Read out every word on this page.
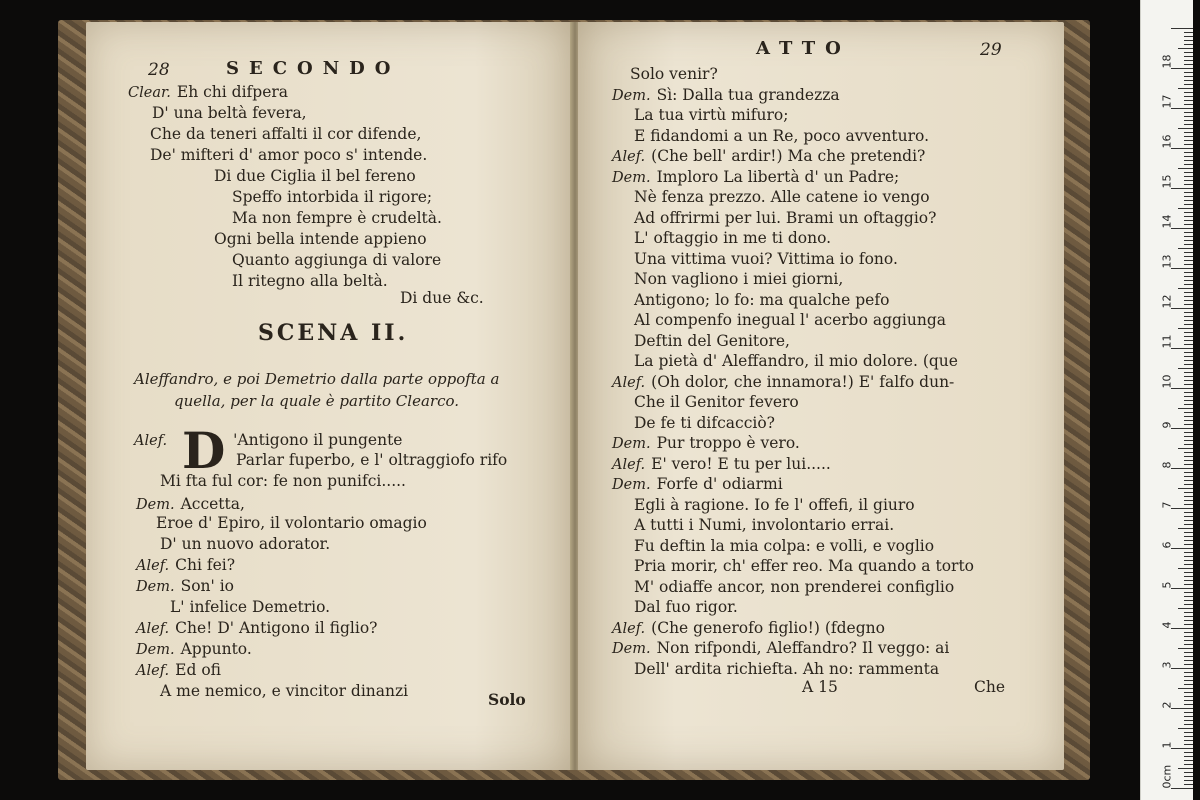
28	SECONDO
Clear. Eh chi difpera
D' una beltà fevera,
Che da teneri affalti il cor difende,
De' mifteri d' amor poco s' intende.
Di due Ciglia il bel fereno
Speffo intorbida il rigore;
Ma non fempre è crudeltà.
Ogni bella intende appieno
Quanto aggiunga di valore
Il ritegno alla beltà.
Di due &c.
SCENA II.
Aleffandro, e poi Demetrio dalla parte oppofta a
quella, per la quale è partito Clearco.
D
Alef.	'Antigono il pungente
Parlar fuperbo, e l' oltraggiofo rifo
Mi fta ful cor: fe non punifci.....
Dem. Accetta,
Eroe d' Epiro, il volontario omagio
D' un nuovo adorator.
Alef. Chi fei?
Dem. Son' io
L' infelice Demetrio.
Alef. Che! D' Antigono il figlio?
Dem. Appunto.
Alef. Ed ofi
A me nemico, e vincitor dinanzi	Solo
ATTO	29
Solo venir?
Dem. Sì: Dalla tua grandezza
La tua virtù mifuro;
E fidandomi a un Re, poco avventuro.
Alef. (Che bell' ardir!) Ma che pretendi?
Dem. Imploro La libertà d' un Padre;
Nè fenza prezzo. Alle catene io vengo
Ad offrirmi per lui. Brami un oftaggio?
L' oftaggio in me ti dono.
Una vittima vuoi? Vittima io fono.
Non vagliono i miei giorni,
Antigono; lo fo: ma qualche pefo
Al compenfo inegual l' acerbo aggiunga
Deftin del Genitore,
La pietà d' Aleffandro, il mio dolore. (que
Alef. (Oh dolor, che innamora!) E' falfo dun-
Che il Genitor fevero
De fe ti difcacciò?
Dem. Pur troppo è vero.
Alef. E' vero! E tu per lui.....
Dem. Forfe d' odiarmi
Egli à ragione. Io fe l' offefi, il giuro
A tutti i Numi, involontario errai.
Fu deftin la mia colpa: e volli, e voglio
Pria morir, ch' effer reo. Ma quando a torto
M' odiaffe ancor, non prenderei configlio
Dal fuo rigor.
Alef. (Che generofo figlio!) (fdegno
Dem. Non rifpondi, Aleffandro? Il veggo: ai
Dell' ardita richiefta. Ah no: rammenta
A 15	Che
18
17
16
15
14
13
12
11
10
9
8
7
6
5
4
3
2
1
0cm
